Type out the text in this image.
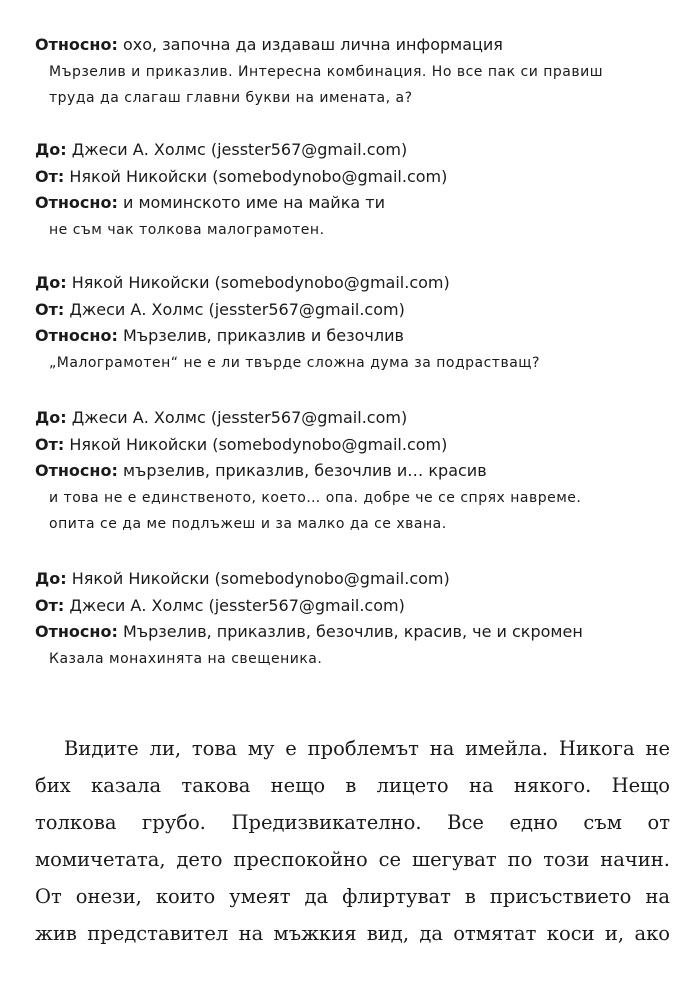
Относно: охо, започна да издаваш лична информация
Мързелив и приказлив. Интересна комбинация. Но все пак си правиш
труда да слагаш главни букви на имената, а?
До: Джеси А. Холмс (jesster567@gmail.com)
От: Някой Никойски (somebodynobo@gmail.com)
Относно: и моминското име на майка ти
не съм чак толкова малограмотен.
До: Някой Никойски (somebodynobo@gmail.com)
От: Джеси А. Холмс (jesster567@gmail.com)
Относно: Мързелив, приказлив и безочлив
„Малограмотен“ не е ли твърде сложна дума за подрастващ?
До: Джеси А. Холмс (jesster567@gmail.com)
От: Някой Никойски (somebodynobo@gmail.com)
Относно: мързелив, приказлив, безочлив и… красив
и това не е единственото, което… опа. добре че се спрях навреме.
опита се да ме подлъжеш и за малко да се хвана.
До: Някой Никойски (somebodynobo@gmail.com)
От: Джеси А. Холмс (jesster567@gmail.com)
Относно: Мързелив, приказлив, безочлив, красив, че и скромен
Казала монахинята на свещеника.
Видите ли, това му е проблемът на имейла. Никога не
бих казала такова нещо в лицето на някого. Нещо
толкова грубо. Предизвикателно. Все едно съм от
момичетата, дето преспокойно се шегуват по този начин.
От онези, които умеят да флиртуват в присъствието на
жив представител на мъжкия вид, да отмятат коси и, ако
